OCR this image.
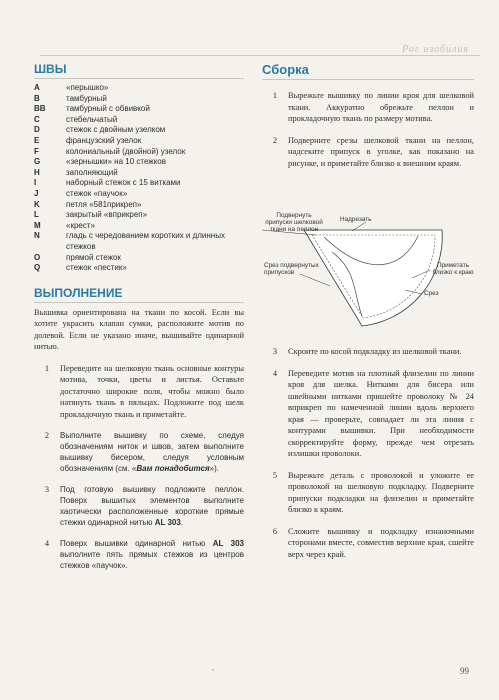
Рог изобилия
ШВЫ
A	«перышко»
B	тамбурный
BB	тамбурный с обвивкой
C	стебельчатый
D	стежок с двойным узелком
E	французский узелок
F	колониальный (двойной) узелок
G	«зернышки» на 10 стежков
H	заполняющий
I	наборный стежок с 15 витками
J	стежок «паучок»
K	петля «581прикреп»
L	закрытый «вприкреп»
M	«крест»
N	гладь с чередованием коротких и длинных стежков
O	прямой стежок
Q	стежок «пестик»
ВЫПОЛНЕНИЕ

Вышивка ориентирована на ткани по косой. Если вы хотите украсить клапан сумки, расположите мотив по долевой. Если не указано иначе, вышивайте одинарной нитью.

1	Переведите на шелковую ткань основные контуры мотива, точки, цветы и листья. Оставьте достаточно широкие поля, чтобы можно было натянуть ткань в пяльцах. Подложите под шелк прокладочную ткань и приметайте.
2	Выполните вышивку по схеме, следуя обозначениям ниток и швов, затем выполните вышивку бисером, следуя условным обозначениям (см. «Вам понадобится»).
3	Под готовую вышивку подложите пеллон. Поверх вышитых элементов выполните хаотически расположенные короткие прямые стежки одинарной нитью AL 303.
4	Поверх вышивки одинарной нитью AL 303 выполните пять прямых стежков из центров стежков «паучок».
Сборка
1	Вырежьте вышивку по линии кроя для шелковой ткани. Аккуратно обрежьте пеллон и прокладочную ткань по размеру мотива.
2	Подверните срезы шелковой ткани на пеллон, надсеките припуск в уголке, как показано на рисунке, и приметайте близко к внешним краям.
Подвернуть припуски шелковой ткани на пеллон
Надрезать
Срез подвернутых припусков
Приметать близко к краю
Срез
3	Скроите по косой подкладку из шелковой ткани.
4	Переведите мотив на плотный флизелин по линии кроя для шелка. Нитками для бисера или швейными нитками пришейте проволоку № 24 вприкреп по намеченной линии вдоль верхнего края — проверьте, совпадает ли эта линия с контурами вышивки. При необходимости скорректируйте форму, прежде чем отрезать излишки проволоки.
5	Вырежьте деталь с проволокой и уложите ее проволокой на шелковую подкладку. Подверните припуски подкладки на флизелин и приметайте близко к краям.
6	Сложите вышивку и подкладку изнаночными сторонами вместе, совместив верхние края, сшейте верх через край.
•	99
